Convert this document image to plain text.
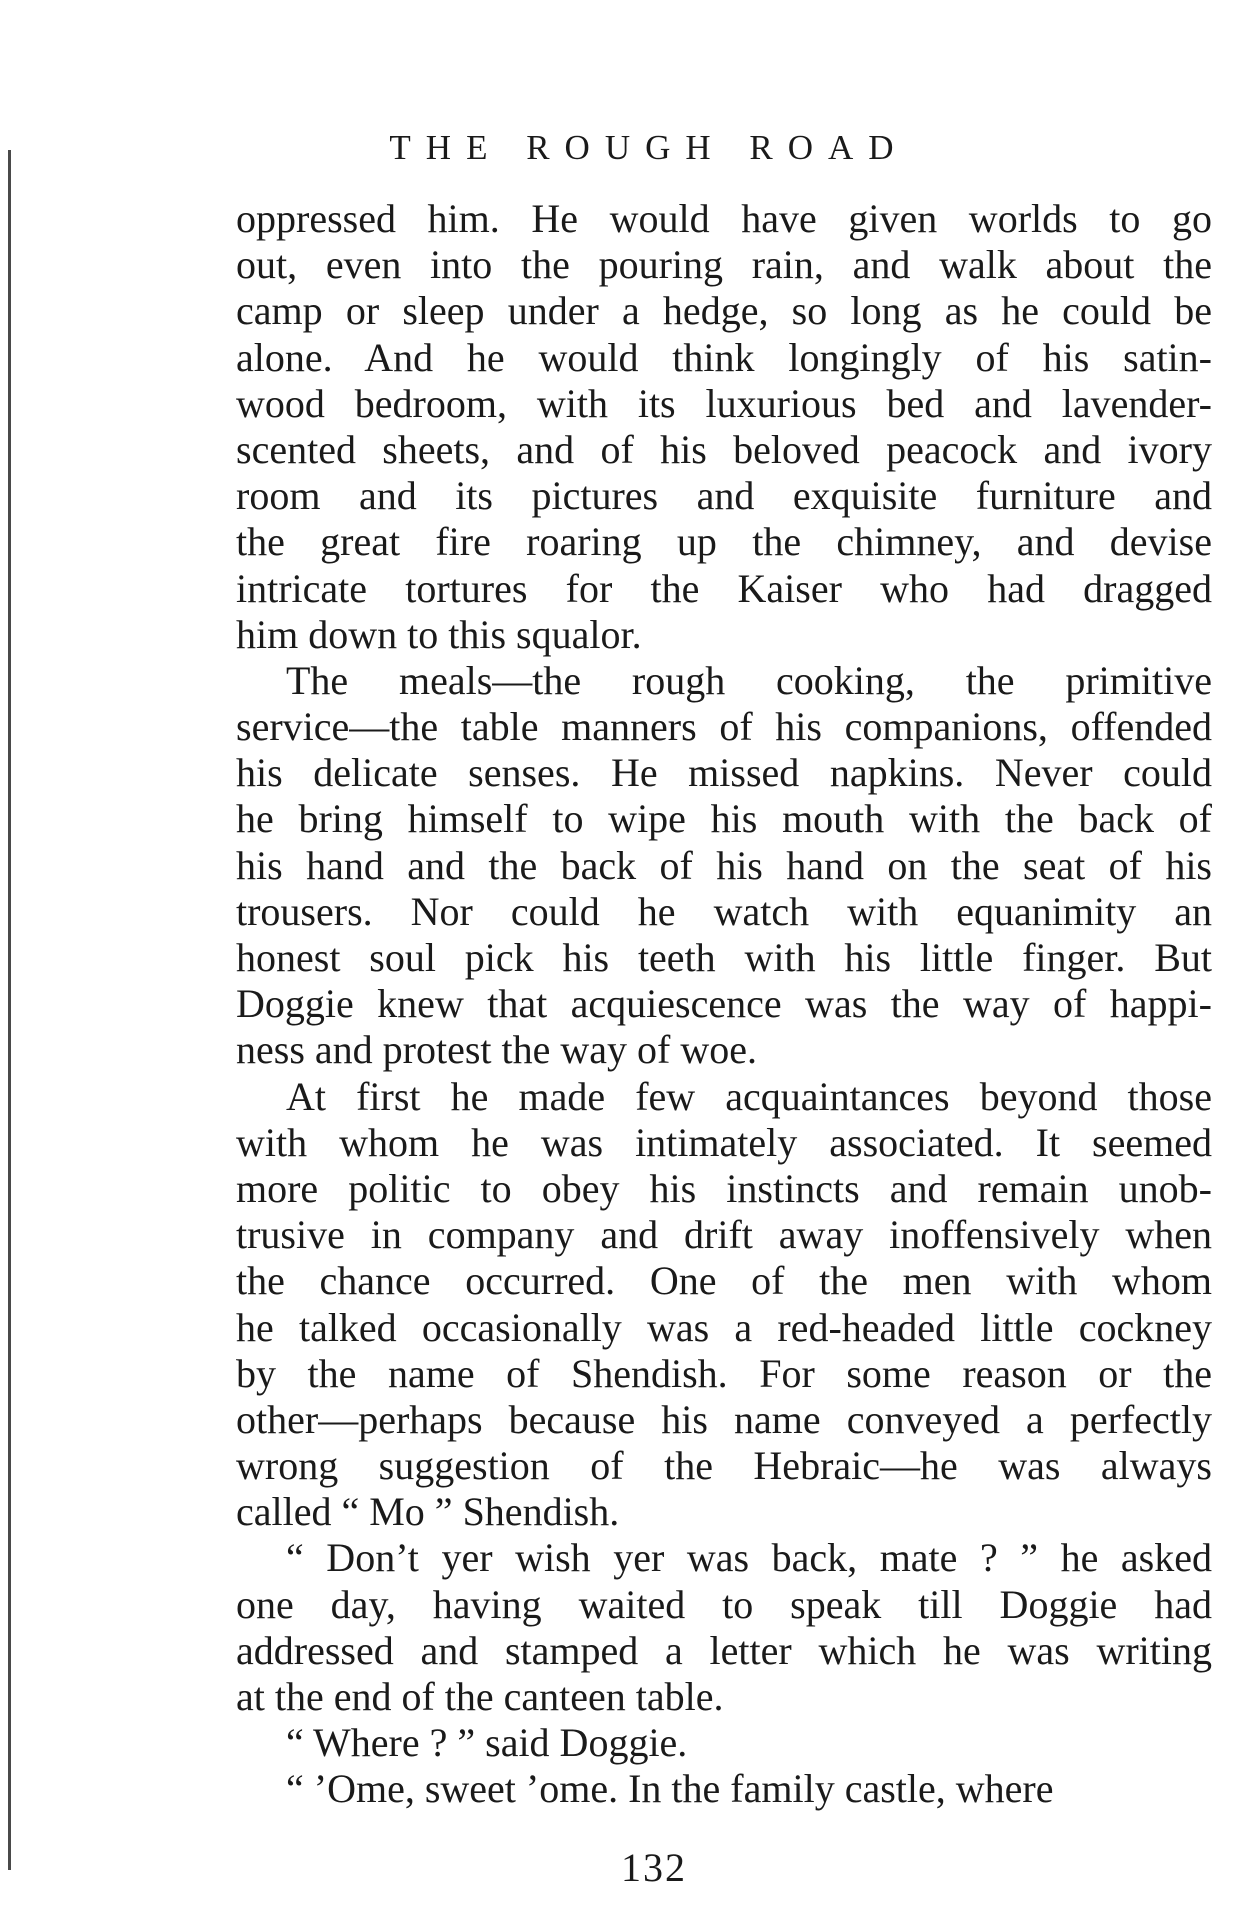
THE ROUGH ROAD
oppressed him. He would have given worlds to go
out, even into the pouring rain, and walk about the
camp or sleep under a hedge, so long as he could be
alone. And he would think longingly of his satin-
wood bedroom, with its luxurious bed and lavender-
scented sheets, and of his beloved peacock and ivory
room and its pictures and exquisite furniture and
the great fire roaring up the chimney, and devise
intricate tortures for the Kaiser who had dragged
him down to this squalor.
The meals—the rough cooking, the primitive
service—the table manners of his companions, offended
his delicate senses. He missed napkins. Never could
he bring himself to wipe his mouth with the back of
his hand and the back of his hand on the seat of his
trousers. Nor could he watch with equanimity an
honest soul pick his teeth with his little finger. But
Doggie knew that acquiescence was the way of happi-
ness and protest the way of woe.
At first he made few acquaintances beyond those
with whom he was intimately associated. It seemed
more politic to obey his instincts and remain unob-
trusive in company and drift away inoffensively when
the chance occurred. One of the men with whom
he talked occasionally was a red-headed little cockney
by the name of Shendish. For some reason or the
other—perhaps because his name conveyed a perfectly
wrong suggestion of the Hebraic—he was always
called “ Mo ” Shendish.
“ Don’t yer wish yer was back, mate ? ” he asked
one day, having waited to speak till Doggie had
addressed and stamped a letter which he was writing
at the end of the canteen table.
“ Where ? ” said Doggie.
“ ’Ome, sweet ’ome. In the family castle, where
132
